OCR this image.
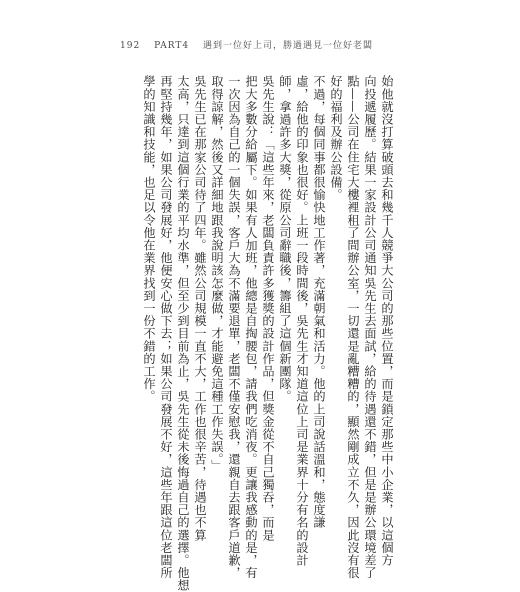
192 PART4 遇到一位好上司，勝過遇見一位好老闆
始他就沒打算破頭去和幾千人競爭大公司的那些位置，而是鎖定那些中小企業，以這個方
向投遞履歷。結果一家設計公司通知吳先生去面試，給的待遇還不錯，但是是辦公環境差了
點——公司在住宅大樓裡租了間辦公室，一切還是亂糟糟的，顯然剛成立不久，因此沒有很
好的福利及辦公設備。
不過，每個同事都很愉快地工作著，充滿朝氣和活力。他的上司說話溫和，態度謙
虛，給他的印象也很好。上班一段時間後，吳先生才知道這位上司是業界十分有名的設計
師，拿過許多大獎，從原公司辭職後，籌組了這個新團隊。
吳先生說：「這些年來，老闆負責許多獲獎的設計作品，但獎金從不自己獨吞，而是
把大多數分給屬下。如果有人加班，他總是自掏腰包，請我們吃消夜。更讓我感動的是，有
一次因為自己的一個失誤，客戶大為不滿要退單，老闆不僅安慰我，還親自去跟客戶道歉，
取得諒解，然後又詳細地跟我說明該怎麼做，才能避免這種工作失誤。」
吳先生已在那家公司待了四年。雖然公司規模一直不大，工作也很辛苦，待遇也不算
太高，只達到這個行業的平均水準，但至少到目前為止，吳先生從未後悔過自己的選擇。他想
再堅持幾年，如果公司發展好，他便安心做下去；如果公司發展不好，這些年跟這位老闆所
學的知識和技能，也足以令他在業界找到一份不錯的工作。
